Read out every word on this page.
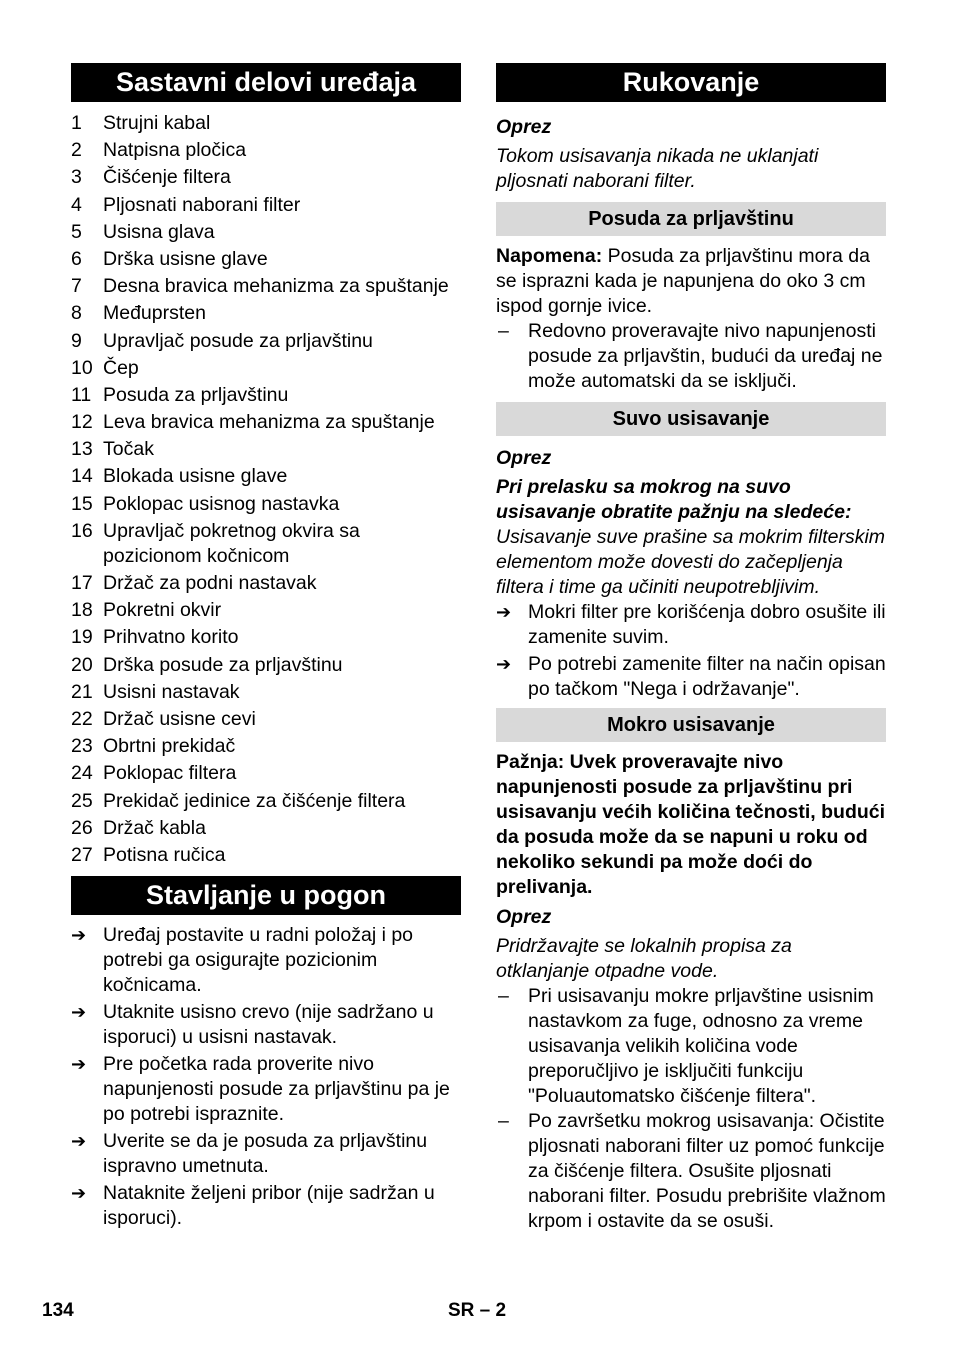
Sastavni delovi uređaja
1	Strujni kabal
2	Natpisna pločica
3	Čišćenje filtera
4	Pljosnati naborani filter
5	Usisna glava
6	Drška usisne glave
7	Desna bravica mehanizma za spuštanje
8	Međuprsten
9	Upravljač posude za prljavštinu
10 Čep
11 Posuda za prljavštinu
12 Leva bravica mehanizma za spuštanje
13 Točak
14 Blokada usisne glave
15 Poklopac usisnog nastavka
16 Upravljač pokretnog okvira sa pozicionom kočnicom
17 Držač za podni nastavak
18 Pokretni okvir
19 Prihvatno korito
20 Drška posude za prljavštinu
21 Usisni nastavak
22 Držač usisne cevi
23 Obrtni prekidač
24 Poklopac filtera
25 Prekidač jedinice za čišćenje filtera
26 Držač kabla
27 Potisna ručica
Stavljanje u pogon
➔ Uređaj postavite u radni položaj i po potrebi ga osigurajte pozicionim kočnicama.
➔ Utaknite usisno crevo (nije sadržano u isporuci) u usisni nastavak.
➔ Pre početka rada proverite nivo napunjenosti posude za prljavštinu pa je po potrebi ispraznite.
➔ Uverite se da je posuda za prljavštinu ispravno umetnuta.
➔ Nataknite željeni pribor (nije sadržan u isporuci).
Rukovanje

Oprez

Tokom usisavanja nikada ne uklanjati pljosnati naborani filter.

Posuda za prljavštinu

Napomena: Posuda za prljavštinu mora da se isprazni kada je napunjena do oko 3 cm ispod gornje ivice.

– Redovno proveravajte nivo napunjenosti posude za prljavštin, budući da uređaj ne može automatski da se isključi.
Suvo usisavanje

Oprez

Pri prelasku sa mokrog na suvo usisavanje obratite pažnju na sledeće:

Usisavanje suve prašine sa mokrim filterskim elementom može dovesti do začepljenja filtera i time ga učiniti neupotrebljivim.

➔ Mokri filter pre korišćenja dobro osušite ili zamenite suvim.
➔ Po potrebi zamenite filter na način opisan po tačkom "Nega i održavanje".
Mokro usisavanje

Pažnja: Uvek proveravajte nivo napunjenosti posude za prljavštinu pri usisavanju većih količina tečnosti, budući da posuda može da se napuni u roku od nekoliko sekundi pa može doći do prelivanja.

Oprez

Pridržavajte se lokalnih propisa za otklanjanje otpadne vode.

– Pri usisavanju mokre prljavštine usisnim nastavkom za fuge, odnosno za vreme usisavanja velikih količina vode preporučljivo je isključiti funkciju "Poluautomatsko čišćenje filtera".
– Po završetku mokrog usisavanja: Očistite pljosnati naborani filter uz pomoć funkcije za čišćenje filtera. Osušite pljosnati naborani filter. Posudu prebrišite vlažnom krpom i ostavite da se osuši.
134	SR – 2
